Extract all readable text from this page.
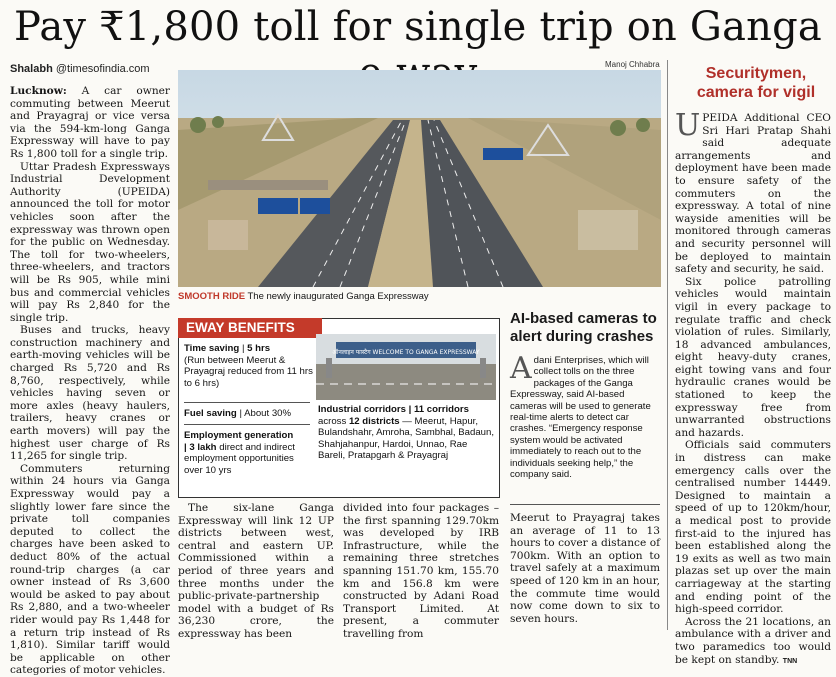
Pay ₹1,800 toll for single trip on Ganga
Shalabh @timesofindia.com	Manoj Chhabra

Lucknow: A car owner commuting between Meerut and Prayagraj or vice versa via the 594-km-long Ganga Expressway will have to pay Rs 1,800 toll for a single trip.

Uttar Pradesh Expressways Industrial Development Authority (UPEIDA) announced the toll for motor vehicles soon after the expressway was thrown open for the public on Wednesday. The toll for two-wheelers, three-wheelers, and tractors will be Rs 905, while mini bus and commercial vehicles will pay Rs 2,840 for the single trip.

Buses and trucks, heavy construction machinery and earth-moving vehicles will be charged Rs 5,720 and Rs 8,760, respectively, while vehicles having seven or more axles (heavy haulers, trailers, heavy cranes or earth movers) will pay the highest user charge of Rs 11,265 for single trip.

Commuters returning within 24 hours via Ganga Expressway would pay a slightly lower fare since the private toll companies deputed to collect the charges have been asked to deduct 80% of the actual round-trip charges (a car owner instead of Rs 3,600 would be asked to pay about Rs 2,880, and a two-wheeler rider would pay Rs 1,448 for a return trip instead of Rs 1,810). Similar tariff would be applicable on other categories of motor vehicles.

SMOOTH RIDE The newly inaugurated Ganga Expressway
EWAY BENEFITS
Time saving | 5 hrs
(Run between Meerut & Prayagraj reduced from 11 hrs to 6 hrs)
Fuel saving | About 30%
Employment generation
| 3 lakh direct and indirect employment opportunities over 10 yrs
ऑनलाइन फास्टैग WELCOME TO GANGA EXPRESSWAY
Industrial corridors | 11 corridors
across 12 districts — Meerut, Hapur, Bulandshahr, Amroha, Sambhal, Badaun, Shahjahanpur, Hardoi, Unnao, Rae Bareli, Pratapgarh & Prayagraj

The six-lane Ganga Expressway will link 12 UP districts between west, central and eastern UP. Commissioned within a period of three years and three months under the public-private-partnership model with a budget of Rs 36,230 crore, the expressway has been

divided into four packages – the first spanning 129.70km was developed by IRB Infrastructure, while the remaining three stretches spanning 151.70 km, 155.70 km and 156.8 km were constructed by Adani Road Transport Limited. At present, a commuter travelling from

AI-based cameras to alert during crashes
A dani Enterprises, which will collect tolls on the three packages of the Ganga Expressway, said AI-based cameras will be used to generate real-time alerts to detect car crashes. “Emergency response system would be activated immediately to reach out to the individuals seeking help,” the company said.

Meerut to Prayagraj takes an average of 11 to 13 hours to cover a distance of 700km. With an option to travel safely at a maximum speed of 120 km in an hour, the commute time would now come down to six to seven hours.

Securitymen, camera for vigil

UPEIDA Additional CEO Sri Hari Pratap Shahi said adequate arrangements and deployment have been made to ensure safety of the commuters on the expressway. A total of nine wayside amenities will be monitored through cameras and security personnel will be deployed to maintain safety and security, he said.

Six police patrolling vehicles would maintain vigil in every package to regulate traffic and check violation of rules. Similarly, 18 advanced ambulances, eight heavy-duty cranes, eight towing vans and four hydraulic cranes would be stationed to keep the expressway free from unwarranted obstructions and hazards.

Officials said commuters in distress can make emergency calls over the centralised number 14449. Designed to maintain a speed of up to 120km/hour, a medical post to provide first-aid to the injured has been established along the 19 exits as well as two main plazas set up over the main carriageway at the starting and ending point of the high-speed corridor.

Across the 21 locations, an ambulance with a driver and two paramedics too would be kept on standby. TNN
